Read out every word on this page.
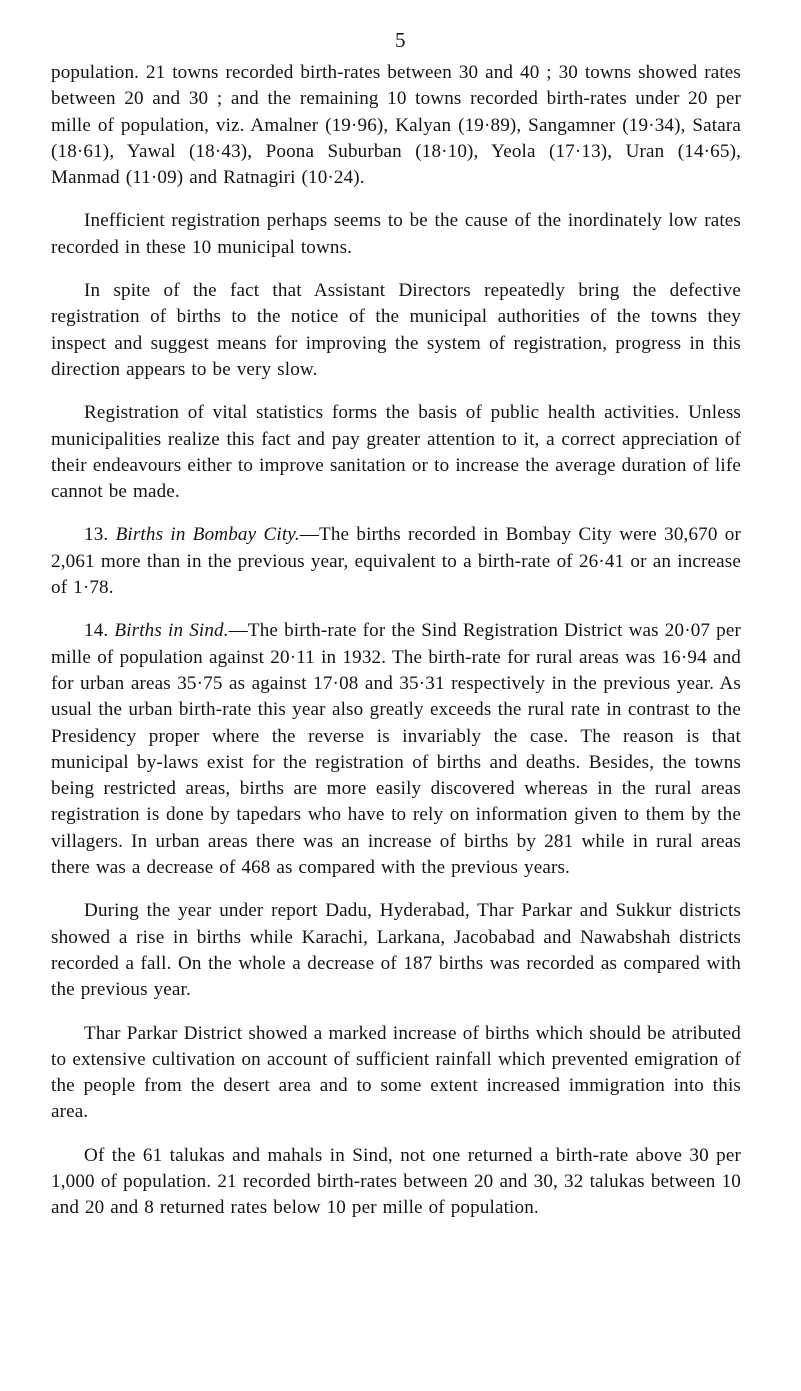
5

population. 21 towns recorded birth-rates between 30 and 40 ; 30 towns showed rates between 20 and 30 ; and the remaining 10 towns recorded birth-rates under 20 per mille of population, viz. Amalner (19·96), Kalyan (19·89), Sangamner (19·34), Satara (18·61), Yawal (18·43), Poona Suburban (18·10), Yeola (17·13), Uran (14·65), Manmad (11·09) and Ratnagiri (10·24).

Inefficient registration perhaps seems to be the cause of the inordinately low rates recorded in these 10 municipal towns.

In spite of the fact that Assistant Directors repeatedly bring the defective registration of births to the notice of the municipal authorities of the towns they inspect and suggest means for improving the system of registration, progress in this direction appears to be very slow.

Registration of vital statistics forms the basis of public health activities. Unless municipalities realize this fact and pay greater attention to it, a correct appreciation of their endeavours either to improve sanitation or to increase the average duration of life cannot be made.

13. Births in Bombay City.—The births recorded in Bombay City were 30,670 or 2,061 more than in the previous year, equivalent to a birth-rate of 26·41 or an increase of 1·78.

14. Births in Sind.—The birth-rate for the Sind Registration District was 20·07 per mille of population against 20·11 in 1932. The birth-rate for rural areas was 16·94 and for urban areas 35·75 as against 17·08 and 35·31 respectively in the previous year. As usual the urban birth-rate this year also greatly exceeds the rural rate in contrast to the Presidency proper where the reverse is invariably the case. The reason is that municipal by-laws exist for the registration of births and deaths. Besides, the towns being restricted areas, births are more easily discovered whereas in the rural areas registration is done by tapedars who have to rely on information given to them by the villagers. In urban areas there was an increase of births by 281 while in rural areas there was a decrease of 468 as compared with the previous years.

During the year under report Dadu, Hyderabad, Thar Parkar and Sukkur districts showed a rise in births while Karachi, Larkana, Jacobabad and Nawabshah districts recorded a fall. On the whole a decrease of 187 births was recorded as compared with the previous year.

Thar Parkar District showed a marked increase of births which should be atributed to extensive cultivation on account of sufficient rainfall which prevented emigration of the people from the desert area and to some extent increased immigration into this area.

Of the 61 talukas and mahals in Sind, not one returned a birth-rate above 30 per 1,000 of population. 21 recorded birth-rates between 20 and 30, 32 talukas between 10 and 20 and 8 returned rates below 10 per mille of population.
